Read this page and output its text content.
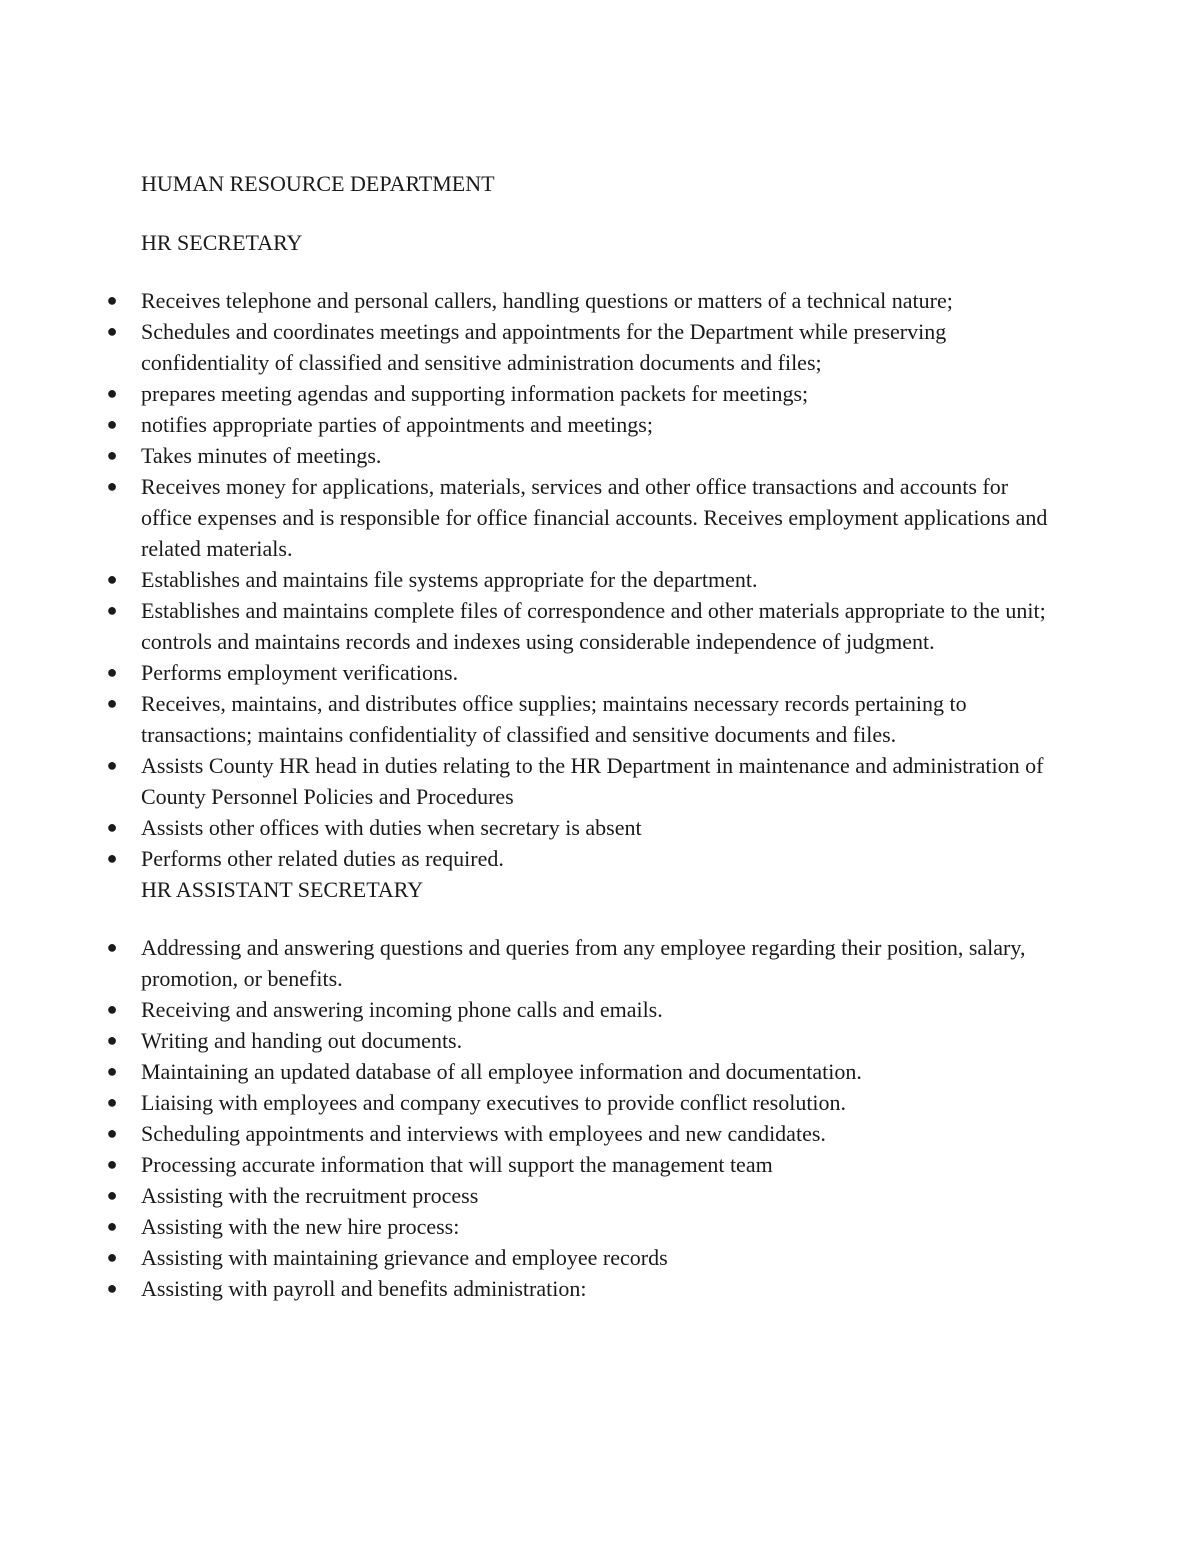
HUMAN RESOURCE DEPARTMENT
HR SECRETARY
● Receives telephone and personal callers, handling questions or matters of a technical nature;
● Schedules and coordinates meetings and appointments for the Department while preserving confidentiality of classified and sensitive administration documents and files;
● prepares meeting agendas and supporting information packets for meetings;
● notifies appropriate parties of appointments and meetings;
● Takes minutes of meetings.
● Receives money for applications, materials, services and other office transactions and accounts for office expenses and is responsible for office financial accounts. Receives employment applications and related materials.
● Establishes and maintains file systems appropriate for the department.
● Establishes and maintains complete files of correspondence and other materials appropriate to the unit; controls and maintains records and indexes using considerable independence of judgment.
● Performs employment verifications.
● Receives, maintains, and distributes office supplies; maintains necessary records pertaining to transactions; maintains confidentiality of classified and sensitive documents and files.
● Assists County HR head in duties relating to the HR Department in maintenance and administration of County Personnel Policies and Procedures
● Assists other offices with duties when secretary is absent
● Performs other related duties as required.
HR ASSISTANT SECRETARY
● Addressing and answering questions and queries from any employee regarding their position, salary, promotion, or benefits.
● Receiving and answering incoming phone calls and emails.
● Writing and handing out documents.
● Maintaining an updated database of all employee information and documentation.
● Liaising with employees and company executives to provide conflict resolution.
● Scheduling appointments and interviews with employees and new candidates.
● Processing accurate information that will support the management team
● Assisting with the recruitment process
● Assisting with the new hire process:
● Assisting with maintaining grievance and employee records
● Assisting with payroll and benefits administration:
